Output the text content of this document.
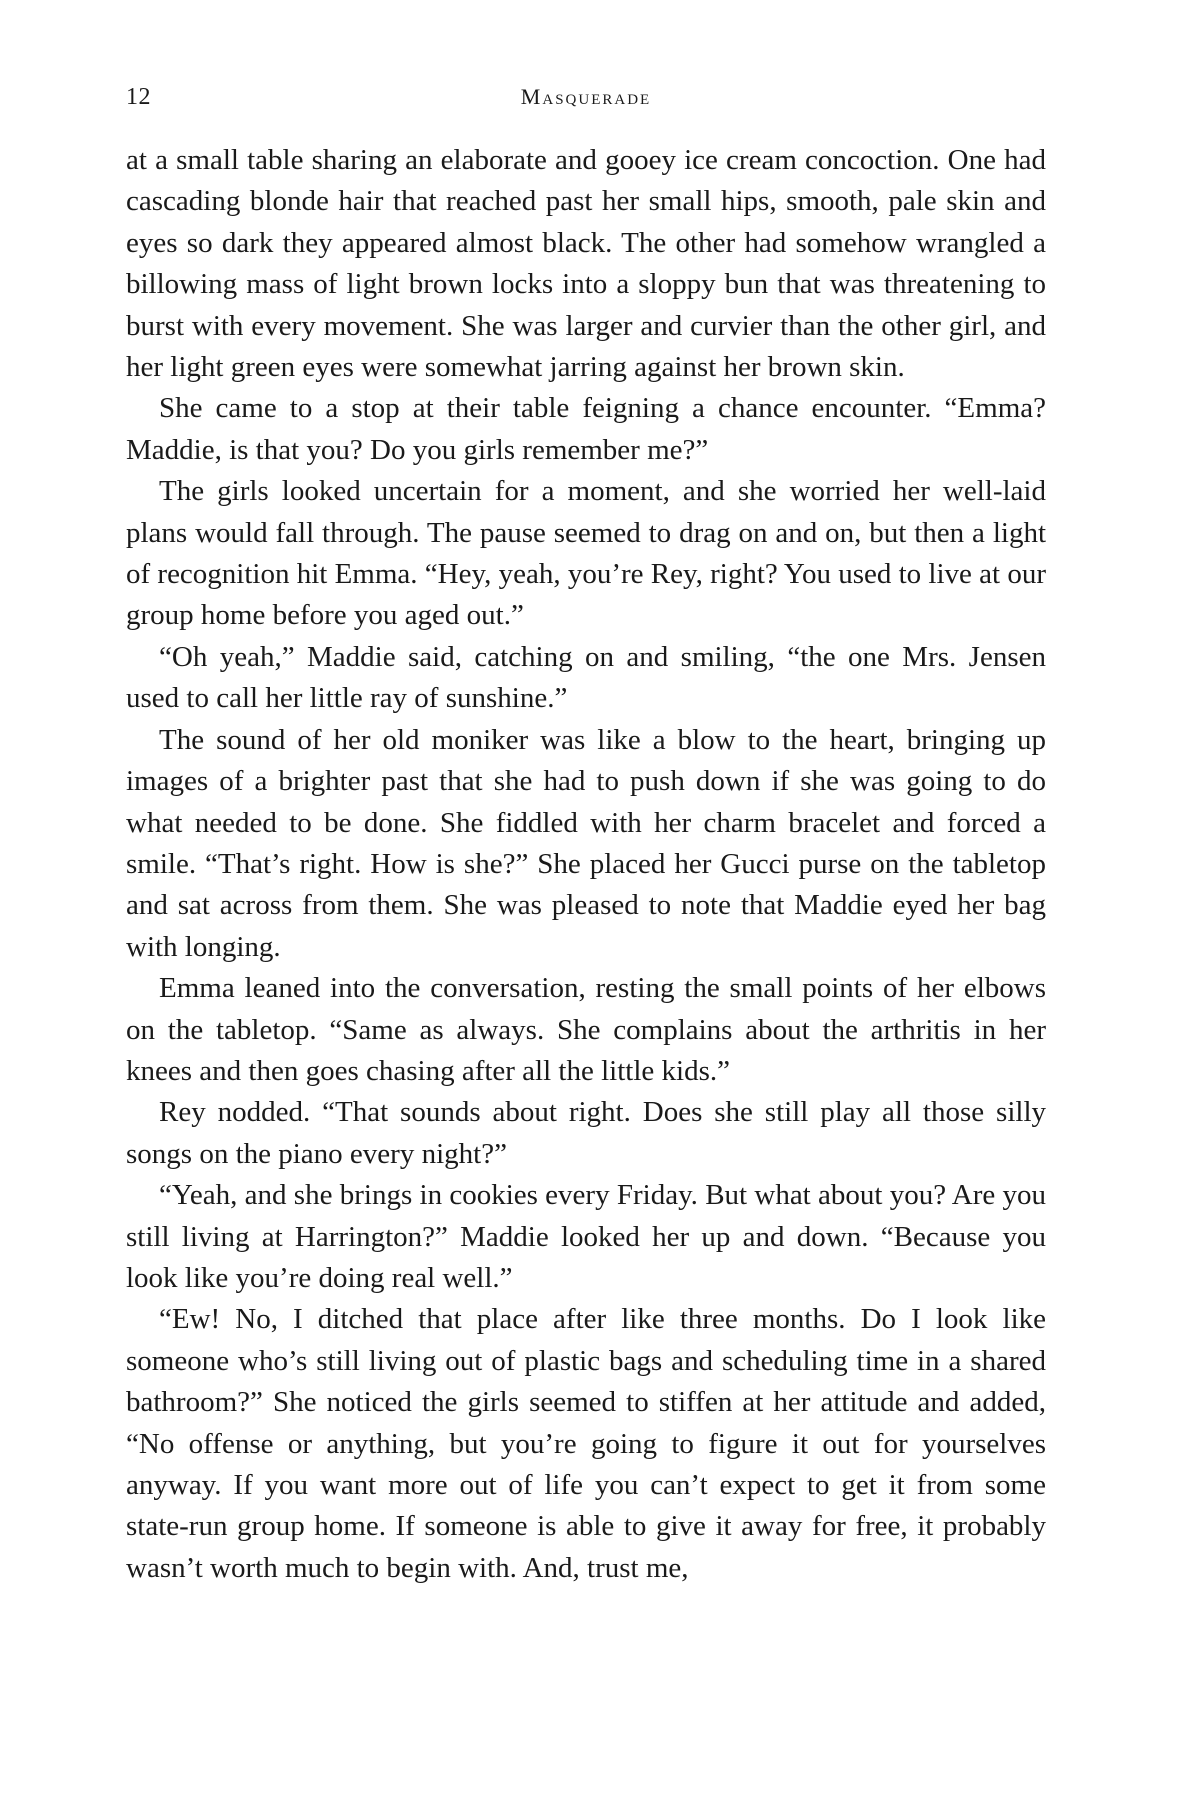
12	Masquerade

at a small table sharing an elaborate and gooey ice cream concoction. One had cascading blonde hair that reached past her small hips, smooth, pale skin and eyes so dark they appeared almost black. The other had somehow wrangled a billowing mass of light brown locks into a sloppy bun that was threatening to burst with every movement. She was larger and curvier than the other girl, and her light green eyes were somewhat jarring against her brown skin.

She came to a stop at their table feigning a chance encounter. “Emma? Maddie, is that you? Do you girls remember me?”

The girls looked uncertain for a moment, and she worried her well-laid plans would fall through. The pause seemed to drag on and on, but then a light of recognition hit Emma. “Hey, yeah, you’re Rey, right? You used to live at our group home before you aged out.”

“Oh yeah,” Maddie said, catching on and smiling, “the one Mrs. Jensen used to call her little ray of sunshine.”

The sound of her old moniker was like a blow to the heart, bringing up images of a brighter past that she had to push down if she was going to do what needed to be done. She fiddled with her charm bracelet and forced a smile. “That’s right. How is she?” She placed her Gucci purse on the tabletop and sat across from them. She was pleased to note that Maddie eyed her bag with longing.

Emma leaned into the conversation, resting the small points of her elbows on the tabletop. “Same as always. She complains about the arthritis in her knees and then goes chasing after all the little kids.”

Rey nodded. “That sounds about right. Does she still play all those silly songs on the piano every night?”

“Yeah, and she brings in cookies every Friday. But what about you? Are you still living at Harrington?” Maddie looked her up and down. “Because you look like you’re doing real well.”

“Ew! No, I ditched that place after like three months. Do I look like someone who’s still living out of plastic bags and scheduling time in a shared bathroom?” She noticed the girls seemed to stiffen at her attitude and added, “No offense or anything, but you’re going to figure it out for yourselves anyway. If you want more out of life you can’t expect to get it from some state-run group home. If someone is able to give it away for free, it probably wasn’t worth much to begin with. And, trust me,
